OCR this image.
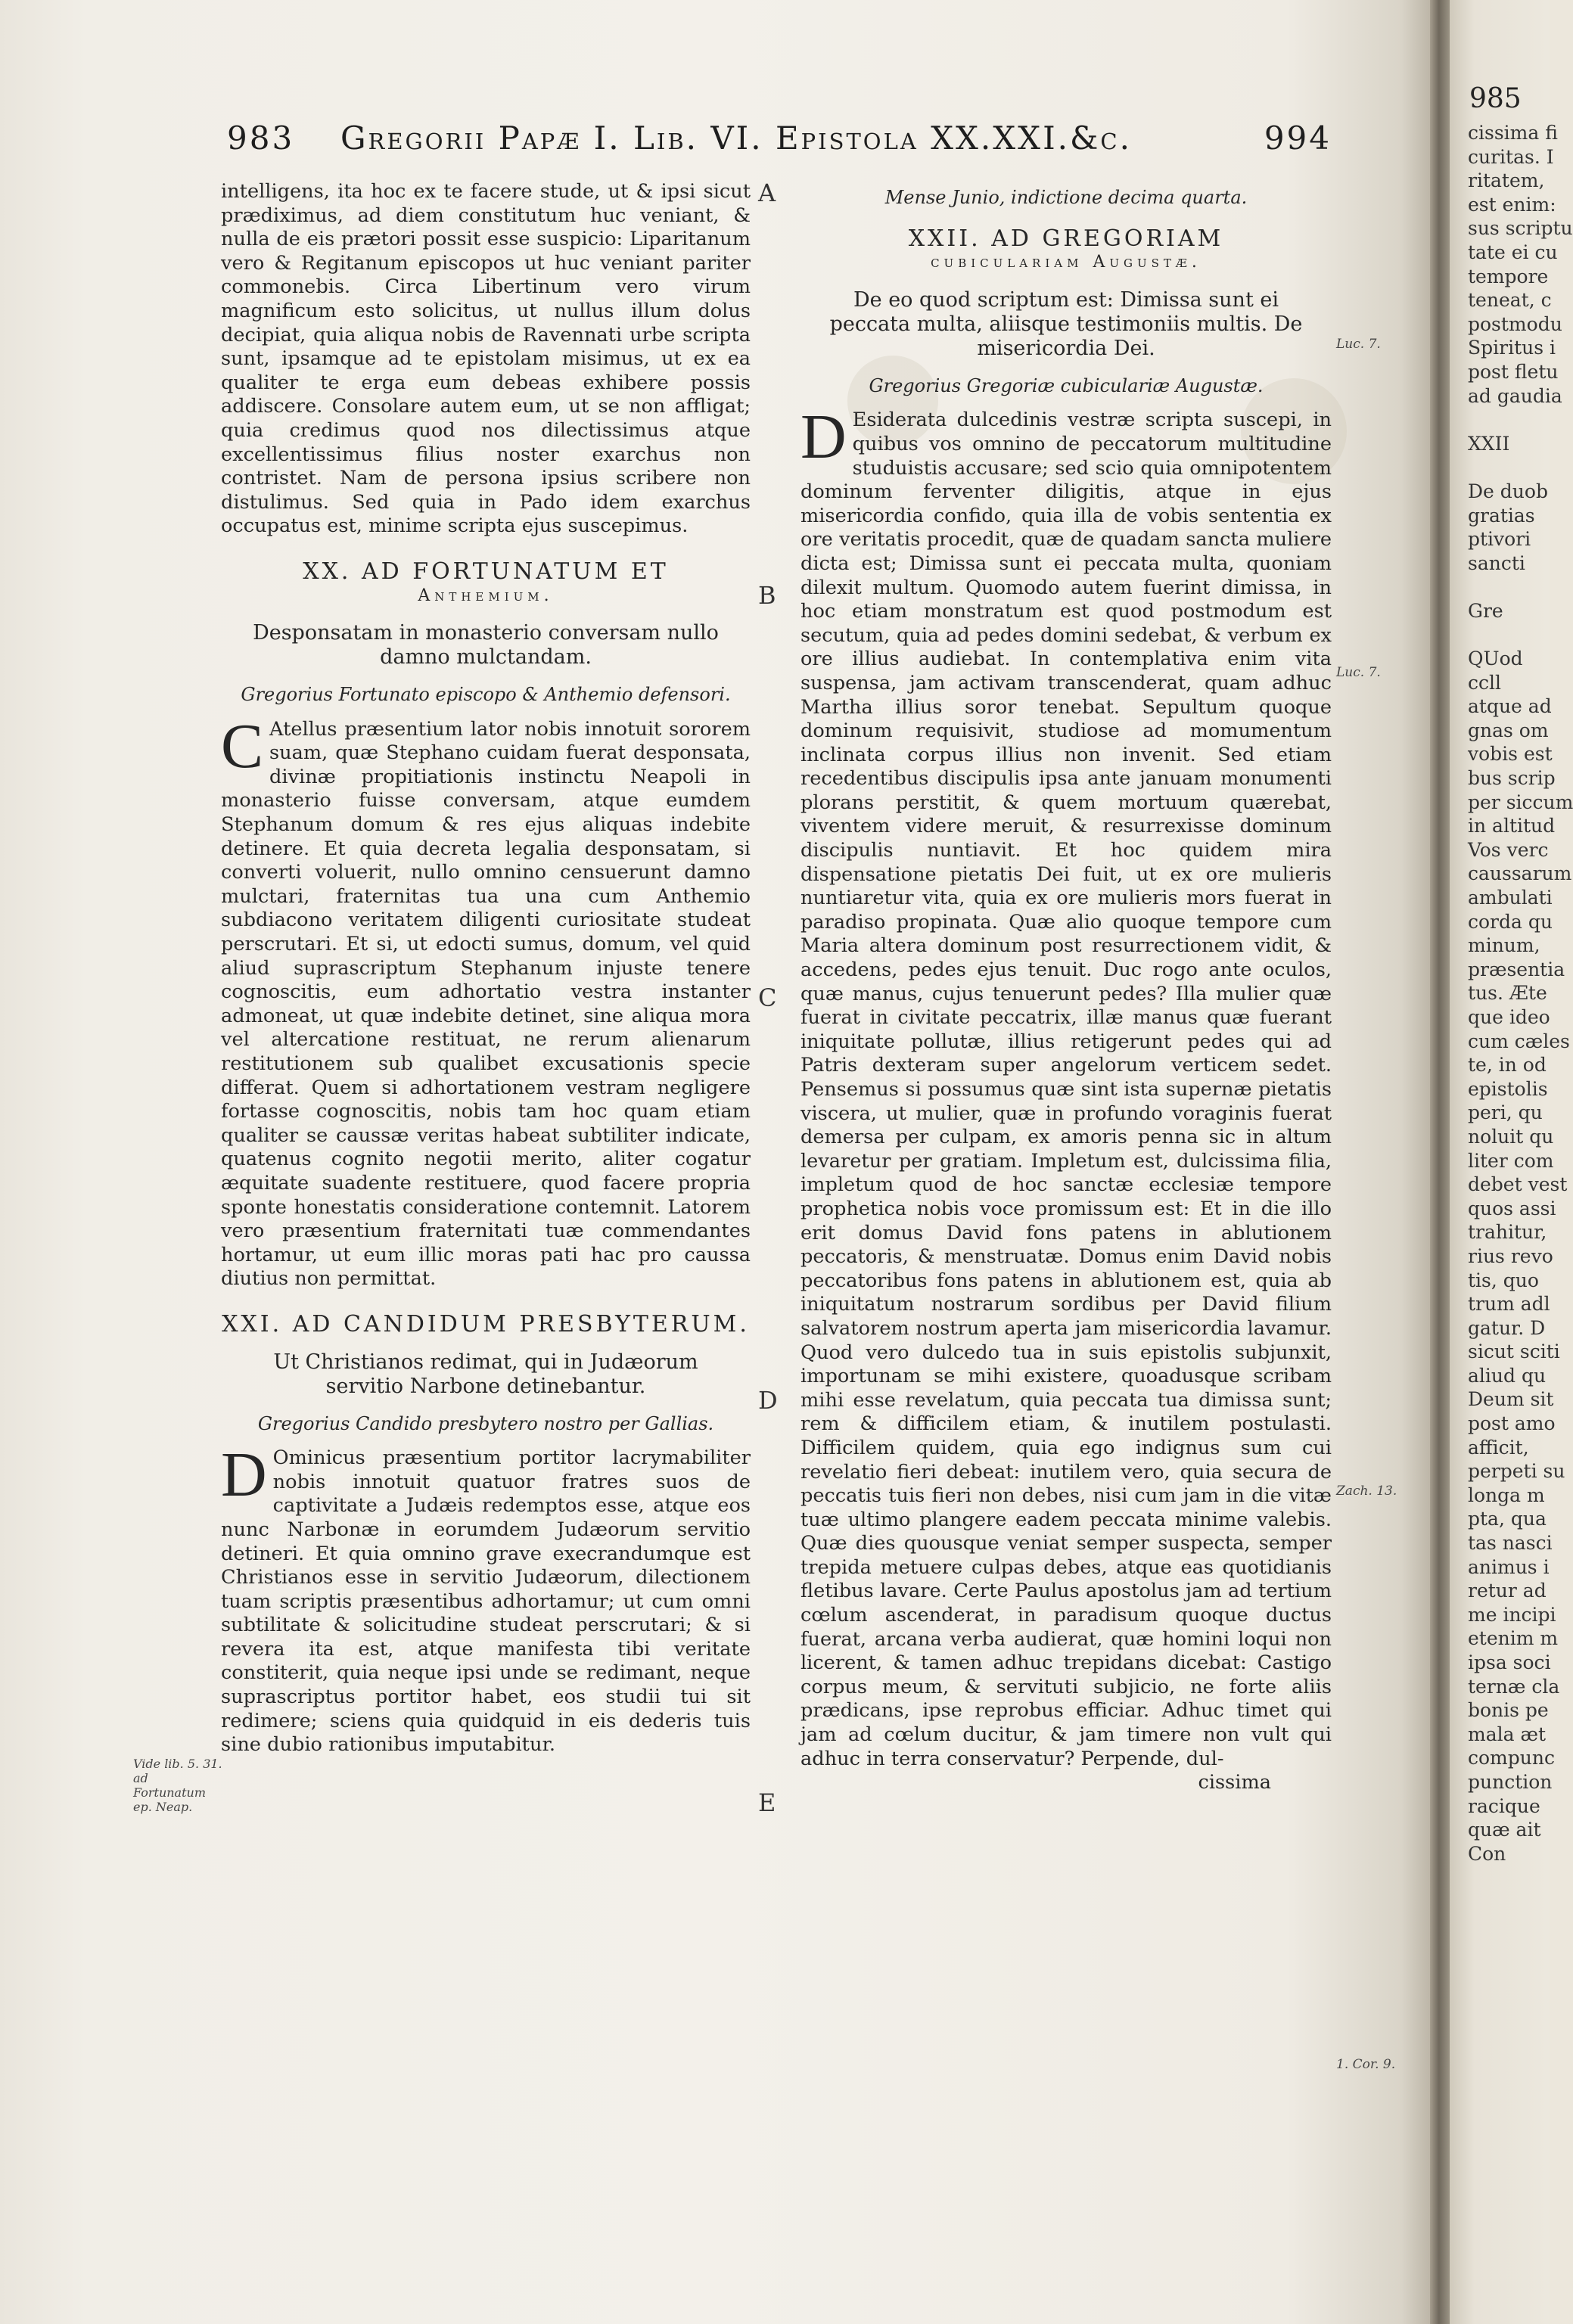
983 Gregorii Papæ I. Lib. VI. Epistola XX.XXI.&c.	994

intelligens, ita hoc ex te facere stude, ut & ipsi sicut prædiximus, ad diem constitutum huc veniant, & nulla de eis prætori possit esse suspicio: Liparitanum vero & Regitanum episcopos ut huc veniant pariter commonebis. Circa Libertinum vero virum magnificum esto solicitus, ut nullus illum dolus decipiat, quia aliqua nobis de Ravennati urbe scripta sunt, ipsamque ad te epistolam misimus, ut ex ea qualiter te erga eum debeas exhibere possis addiscere. Consolare autem eum, ut se non affligat; quia credimus quod nos dilectissimus atque excellentissimus filius noster exarchus non contristet. Nam de persona ipsius scribere non distulimus. Sed quia in Pado idem exarchus occupatus est, minime scripta ejus suscepimus.

XX. AD FORTUNATUM ET
Anthemium.
Desponsatam in monasterio conversam nullo damno mulctandam.
Gregorius Fortunato episcopo & Anthemio defensori.

C Atellus præsentium lator nobis innotuit sororem suam, quæ Stephano cuidam fuerat desponsata, divinæ propitiationis instinctu Neapoli in monasterio fuisse conversam, atque eumdem Stephanum domum & res ejus aliquas indebite detinere. Et quia decreta legalia desponsatam, si converti voluerit, nullo omnino censuerunt damno mulctari, fraternitas tua una cum Anthemio subdiacono veritatem diligenti curiositate studeat perscrutari. Et si, ut edocti sumus, domum, vel quid aliud suprascriptum Stephanum injuste tenere cognoscitis, eum adhortatio vestra instanter admoneat, ut quæ indebite detinet, sine aliqua mora vel altercatione restituat, ne rerum alienarum restitutionem sub qualibet excusationis specie differat. Quem si adhortationem vestram negligere fortasse cognoscitis, nobis tam hoc quam etiam qualiter se caussæ veritas habeat subtiliter indicate, quatenus cognito negotii merito, aliter cogatur æquitate suadente restituere, quod facere propria sponte honestatis consideratione contemnit. Latorem vero præsentium fraternitati tuæ commendantes hortamur, ut eum illic moras pati hac pro caussa diutius non permittat.

XXI. AD CANDIDUM PRESBYTERUM.
Ut Christianos redimat, qui in Judæorum servitio Narbone detinebantur.
Gregorius Candido presbytero nostro per Gallias.

D Ominicus præsentium portitor lacrymabiliter nobis innotuit quatuor fratres suos de captivitate a Judæis redemptos esse, atque eos nunc Narbonæ in eorumdem Judæorum servitio detineri. Et quia omnino grave execrandumque est Christianos esse in servitio Judæorum, dilectionem tuam scriptis præsentibus adhortamur; ut cum omni subtilitate & solicitudine studeat perscrutari; & si revera ita est, atque manifesta tibi veritate constiterit, quia neque ipsi unde se redimant, neque suprascriptus portitor habet, eos studii tui sit redimere; sciens quia quidquid in eis dederis tuis sine dubio rationibus imputabitur.

Vide lib. 5. 31. ad Fortunatum ep. Neap.
A
B
C
D
E
Mense Junio, indictione decima quarta.
XXII. AD GREGORIAM
cubiculariam Augustæ.
De eo quod scriptum est: Dimissa sunt ei peccata multa, aliisque testimoniis multis. De misericordia Dei.
Gregorius Gregoriæ cubiculariæ Augustæ.

D Esiderata dulcedinis vestræ scripta suscepi, in quibus vos omnino de peccatorum multitudine studuistis accusare; sed scio quia omnipotentem dominum ferventer diligitis, atque in ejus misericordia confido, quia illa de vobis sententia ex ore veritatis procedit, quæ de quadam sancta muliere dicta est; Dimissa sunt ei peccata multa, quoniam dilexit multum. Quomodo autem fuerint dimissa, in hoc etiam monstratum est quod postmodum est secutum, quia ad pedes domini sedebat, & verbum ex ore illius audiebat. In contemplativa enim vita suspensa, jam activam transcenderat, quam adhuc Martha illius soror tenebat. Sepultum quoque dominum requisivit, studiose ad momumentum inclinata corpus illius non invenit. Sed etiam recedentibus discipulis ipsa ante januam monumenti plorans perstitit, & quem mortuum quærebat, viventem videre meruit, & resurrexisse dominum discipulis nuntiavit. Et hoc quidem mira dispensatione pietatis Dei fuit, ut ex ore mulieris nuntiaretur vita, quia ex ore mulieris mors fuerat in paradiso propinata. Quæ alio quoque tempore cum Maria altera dominum post resurrectionem vidit, & accedens, pedes ejus tenuit. Duc rogo ante oculos, quæ manus, cujus tenuerunt pedes? Illa mulier quæ fuerat in civitate peccatrix, illæ manus quæ fuerant iniquitate pollutæ, illius retigerunt pedes qui ad Patris dexteram super angelorum verticem sedet. Pensemus si possumus quæ sint ista supernæ pietatis viscera, ut mulier, quæ in profundo voraginis fuerat demersa per culpam, ex amoris penna sic in altum levaretur per gratiam. Impletum est, dulcissima filia, impletum quod de hoc sanctæ ecclesiæ tempore prophetica nobis voce promissum est: Et in die illo erit domus David fons patens in ablutionem peccatoris, & menstruatæ. Domus enim David nobis peccatoribus fons patens in ablutionem est, quia ab iniquitatum nostrarum sordibus per David filium salvatorem nostrum aperta jam misericordia lavamur. Quod vero dulcedo tua in suis epistolis subjunxit, importunam se mihi existere, quoadusque scribam mihi esse revelatum, quia peccata tua dimissa sunt; rem & difficilem etiam, & inutilem postulasti. Difficilem quidem, quia ego indignus sum cui revelatio fieri debeat: inutilem vero, quia secura de peccatis tuis fieri non debes, nisi cum jam in die vitæ tuæ ultimo plangere eadem peccata minime valebis. Quæ dies quousque veniat semper suspecta, semper trepida metuere culpas debes, atque eas quotidianis fletibus lavare. Certe Paulus apostolus jam ad tertium cœlum ascenderat, in paradisum quoque ductus fuerat, arcana verba audierat, quæ homini loqui non licerent, & tamen adhuc trepidans dicebat: Castigo corpus meum, & servituti subjicio, ne forte aliis prædicans, ipse reprobus efficiar. Adhuc timet qui jam ad cœlum ducitur, & jam timere non vult qui adhuc in terra conservatur? Perpende, dul-

cissima
Luc. 7.
Luc. 7.
Zach. 13.
1. Cor. 9.
985
cissima fi
curitas. I
ritatem,
est enim:
sus scriptu
tate ei cu
tempore
teneat, c
postmodu
Spiritus i
post fletu
ad gaudia

XXII

De duob
gratias
ptivori
sancti

Gre

QUod
ccll
atque ad
gnas om
vobis est
bus scrip
per siccum
in altitud
Vos verc
caussarum
ambulati
corda qu
minum,
præsentia
tus. Æte
que ideo
cum cæles
te, in od
epistolis
peri, qu
noluit qu
liter com
debet vest
quos assi
trahitur,
rius revo
tis, quo
trum adl
gatur. D
sicut sciti
aliud qu
Deum sit
post amo
afficit,
perpeti su
longa m
pta, qua
tas nasci
animus i
retur ad
me incipi
etenim m
ipsa soci
ternæ cla
bonis pe
mala æt
compunc
punction
racique
quæ ait
Con
